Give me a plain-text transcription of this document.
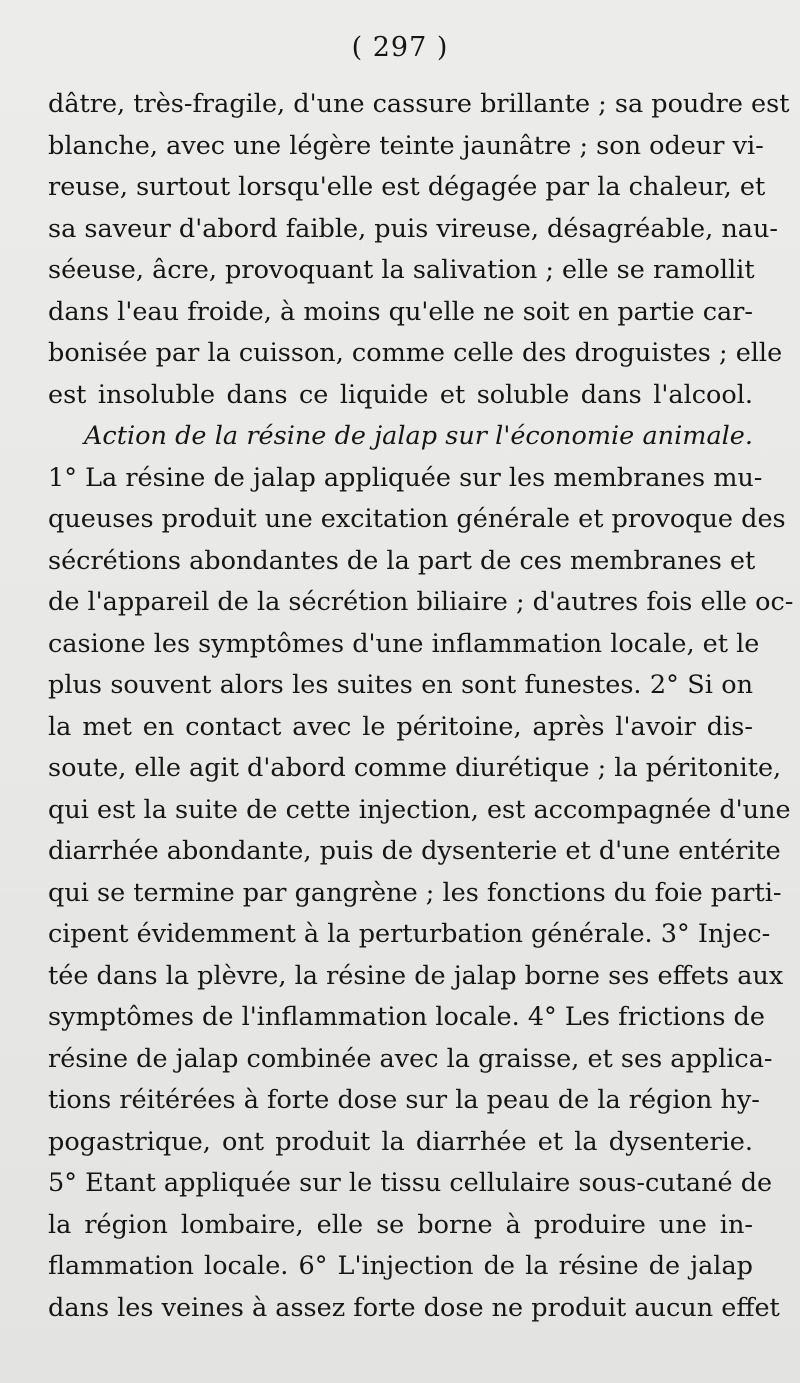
( 297 )
dâtre, très-fragile, d'une cassure brillante ; sa poudre est
blanche, avec une légère teinte jaunâtre ; son odeur vi-
reuse, surtout lorsqu'elle est dégagée par la chaleur, et
sa saveur d'abord faible, puis vireuse, désagréable, nau-
séeuse, âcre, provoquant la salivation ; elle se ramollit
dans l'eau froide, à moins qu'elle ne soit en partie car-
bonisée par la cuisson, comme celle des droguistes ; elle
est insoluble dans ce liquide et soluble dans l'alcool.
Action de la résine de jalap sur l'économie animale.
1° La résine de jalap appliquée sur les membranes mu-
queuses produit une excitation générale et provoque des
sécrétions abondantes de la part de ces membranes et
de l'appareil de la sécrétion biliaire ; d'autres fois elle oc-
casione les symptômes d'une inflammation locale, et le
plus souvent alors les suites en sont funestes. 2° Si on
la met en contact avec le péritoine, après l'avoir dis-
soute, elle agit d'abord comme diurétique ; la péritonite,
qui est la suite de cette injection, est accompagnée d'une
diarrhée abondante, puis de dysenterie et d'une entérite
qui se termine par gangrène ; les fonctions du foie parti-
cipent évidemment à la perturbation générale. 3° Injec-
tée dans la plèvre, la résine de jalap borne ses effets aux
symptômes de l'inflammation locale. 4° Les frictions de
résine de jalap combinée avec la graisse, et ses applica-
tions réitérées à forte dose sur la peau de la région hy-
pogastrique, ont produit la diarrhée et la dysenterie.
5° Etant appliquée sur le tissu cellulaire sous-cutané de
la région lombaire, elle se borne à produire une in-
flammation locale. 6° L'injection de la résine de jalap
dans les veines à assez forte dose ne produit aucun effet
